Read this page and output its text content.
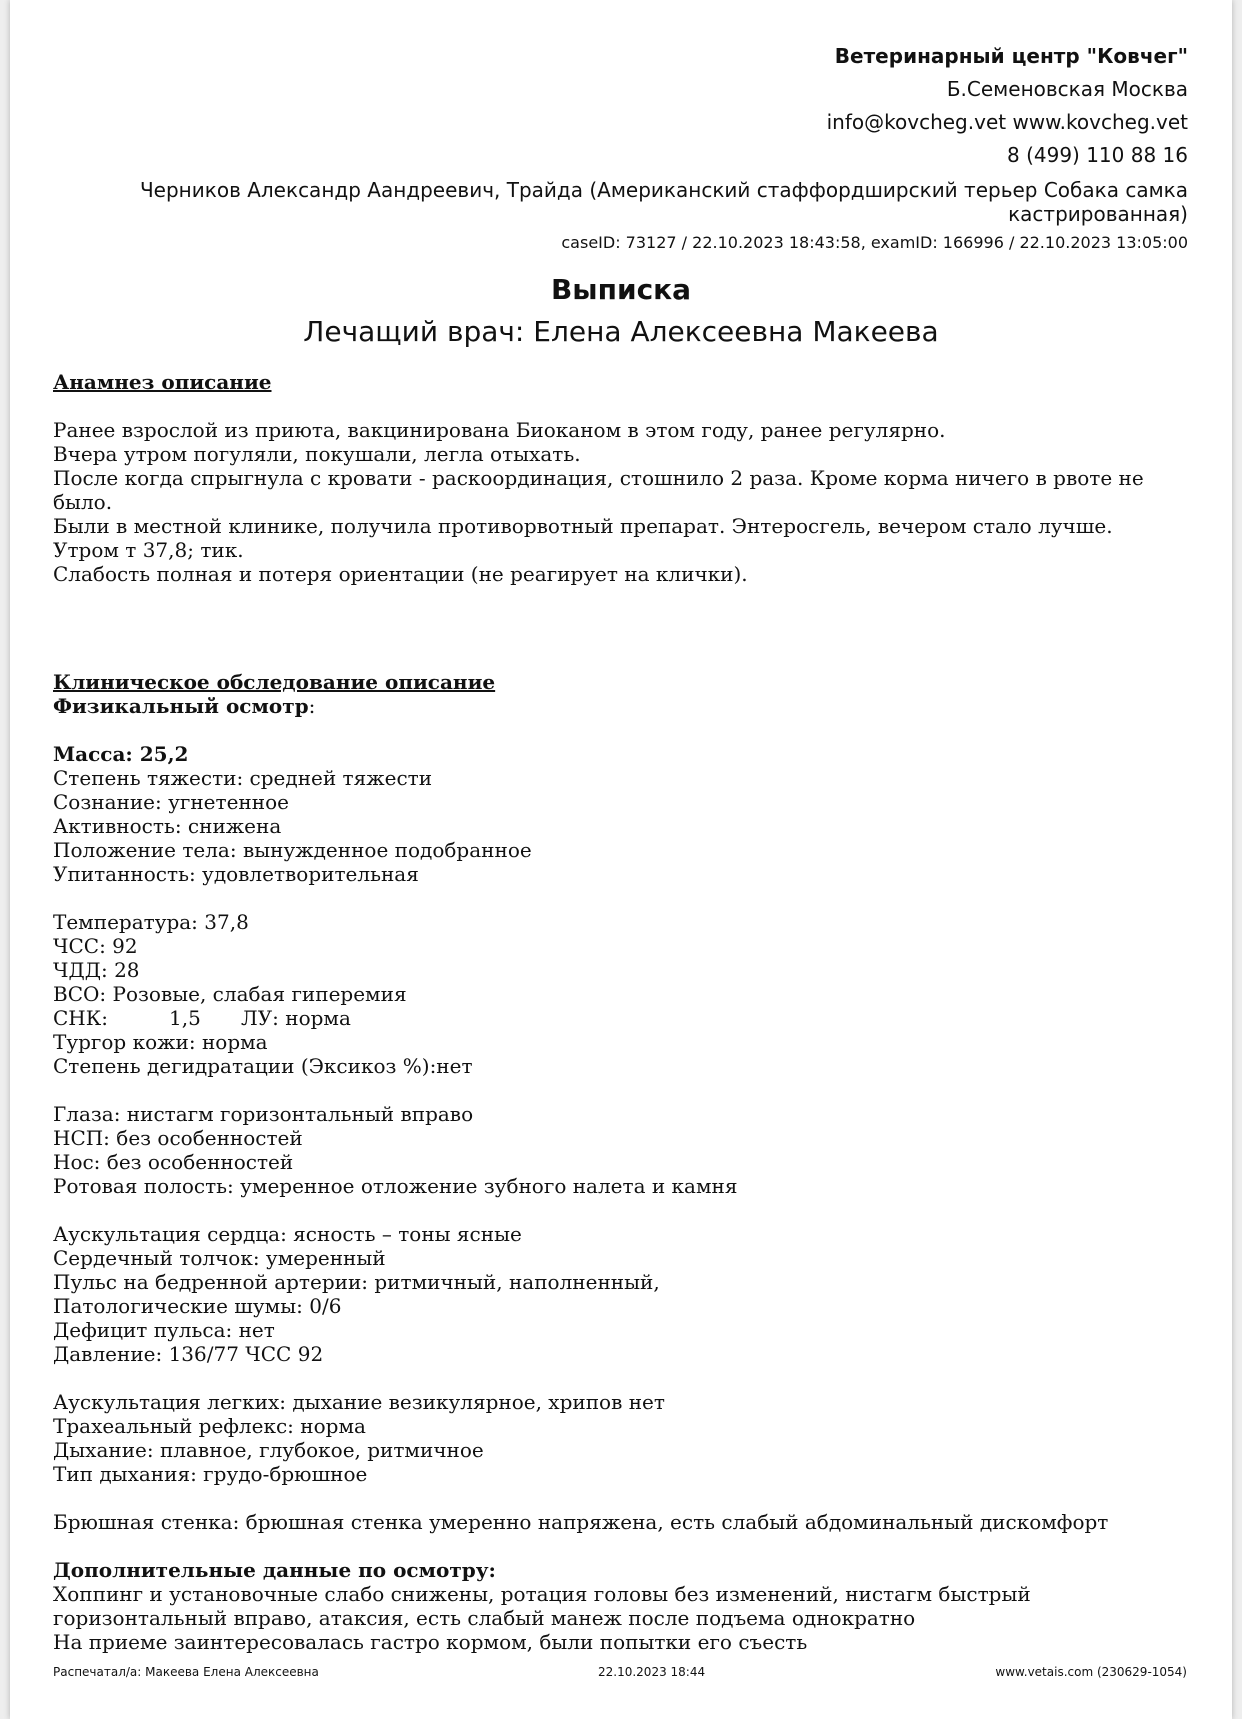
Ветеринарный центр "Ковчег"
Б.Семеновская Москва
info@kovcheg.vet www.kovcheg.vet
8 (499) 110 88 16
Черников Александр Аандреевич, Трайда (Американский стаффордширский терьер Собака самка кастрированная)
caseID: 73127 / 22.10.2023 18:43:58, examID: 166996 / 22.10.2023 13:05:00
Выписка
Лечащий врач: Елена Алексеевна Макеева
Анамнез описание
Ранее взрослой из приюта, вакцинирована Биоканом в этом году, ранее регулярно.
Вчера утром погуляли, покушали, легла отыхать.
После когда спрыгнула с кровати - раскоординация, стошнило 2 раза. Кроме корма ничего в рвоте не
было.
Были в местной клинике, получила противорвотный препарат. Энтеросгель, вечером стало лучше.
Утром т 37,8; тик.
Слабость полная и потеря ориентации (не реагирует на клички).
Клиническое обследование описание
Физикальный осмотр:
Масса: 25,2
Степень тяжести: средней тяжести
Сознание: угнетенное
Активность: снижена
Положение тела: вынужденное подобранное
Упитанность: удовлетворительная
Температура: 37,8
ЧСС: 92
ЧДД: 28
ВСО: Розовые, слабая гиперемия
СНК:	1,5 ЛУ: норма
Тургор кожи: норма
Степень дегидратации (Эксикоз %):нет
Глаза: нистагм горизонтальный вправо
НСП: без особенностей
Нос: без особенностей
Ротовая полость: умеренное отложение зубного налета и камня
Аускультация сердца: ясность – тоны ясные
Сердечный толчок: умеренный
Пульс на бедренной артерии: ритмичный, наполненный,
Патологические шумы: 0/6
Дефицит пульса: нет
Давление: 136/77 ЧСС 92
Аускультация легких: дыхание везикулярное, хрипов нет
Трахеальный рефлекс: норма
Дыхание: плавное, глубокое, ритмичное
Тип дыхания: грудо-брюшное
Брюшная стенка: брюшная стенка умеренно напряжена, есть слабый абдоминальный дискомфорт
Дополнительные данные по осмотру:
Хоппинг и установочные слабо снижены, ротация головы без изменений, нистагм быстрый
горизонтальный вправо, атаксия, есть слабый манеж после подъема однократно
На приеме заинтересовалась гастро кормом, были попытки его съесть
Распечатал/а: Макеева Елена Алексеевна	22.10.2023 18:44	www.vetais.com (230629-1054)
